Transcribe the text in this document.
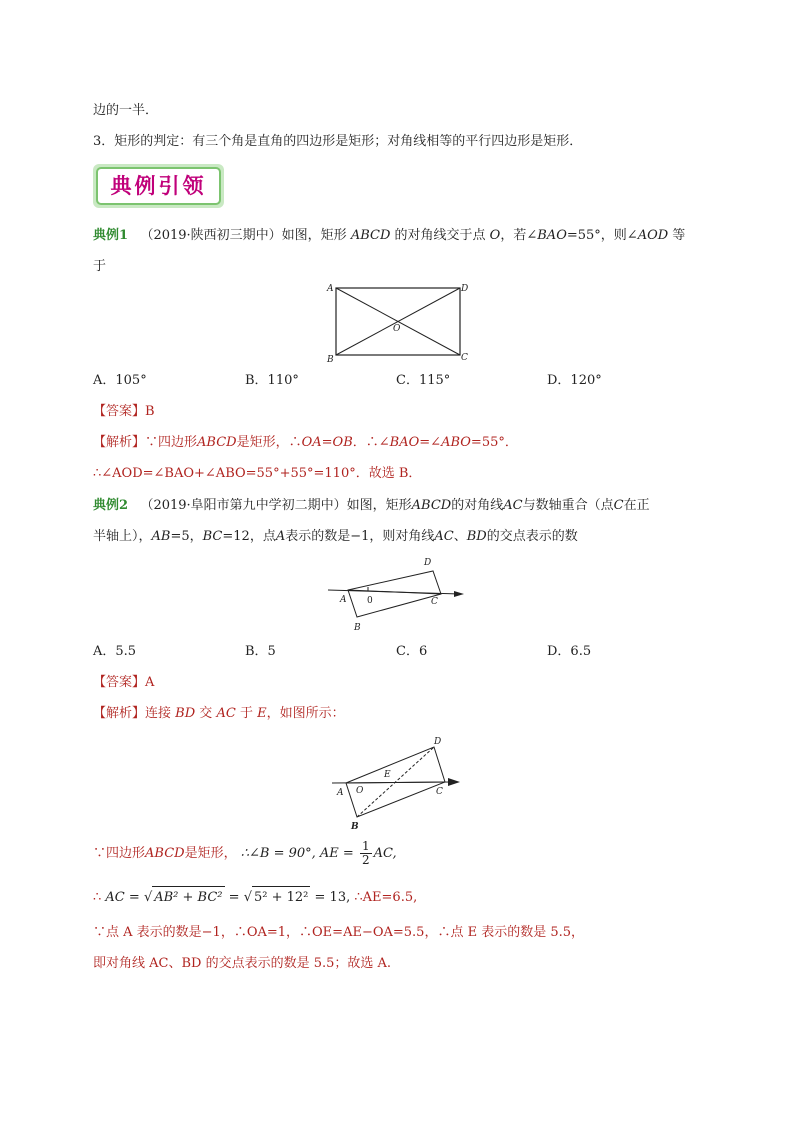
边的一半．
3．矩形的判定：有三个角是直角的四边形是矩形；对角线相等的平行四边形是矩形．
典例引领
典例1 （2019·陕西初三期中）如图，矩形 ABCD 的对角线交于点 O，若∠BAO=55°，则∠AOD 等
于
A
B	C
D
O
A．105°	B．110°	C．115°	D．120°
【答案】B
【解析】∵四边形ABCD是矩形，∴OA=OB．∴∠BAO=∠ABO=55°．
∴∠AOD=∠BAO+∠ABO=55°+55°=110°．故选 B．
典例2 （2019·阜阳市第九中学初二期中）如图，矩形ABCD的对角线AC与数轴重合（点C在正
半轴上），AB=5，BC=12，点A表示的数是−1，则对角线AC、BD的交点表示的数
A 0	C
D
B
A．5.5	B．5	C．6	D．6.5
【答案】A
【解析】连接 BD 交 AC 于 E，如图所示：
D
E
A O	C
B
∵四边形ABCD是矩形， ∴∠B = 90°, AE = $\frac{1}{2}$ AC,
∴ AC = √ AB² + BC² = √ 5² + 12² = 13, ∴AE=6.5,
∵点 A 表示的数是−1，∴OA=1，∴OE=AE−OA=5.5，∴点 E 表示的数是 5.5，
即对角线 AC、BD 的交点表示的数是 5.5；故选 A.
